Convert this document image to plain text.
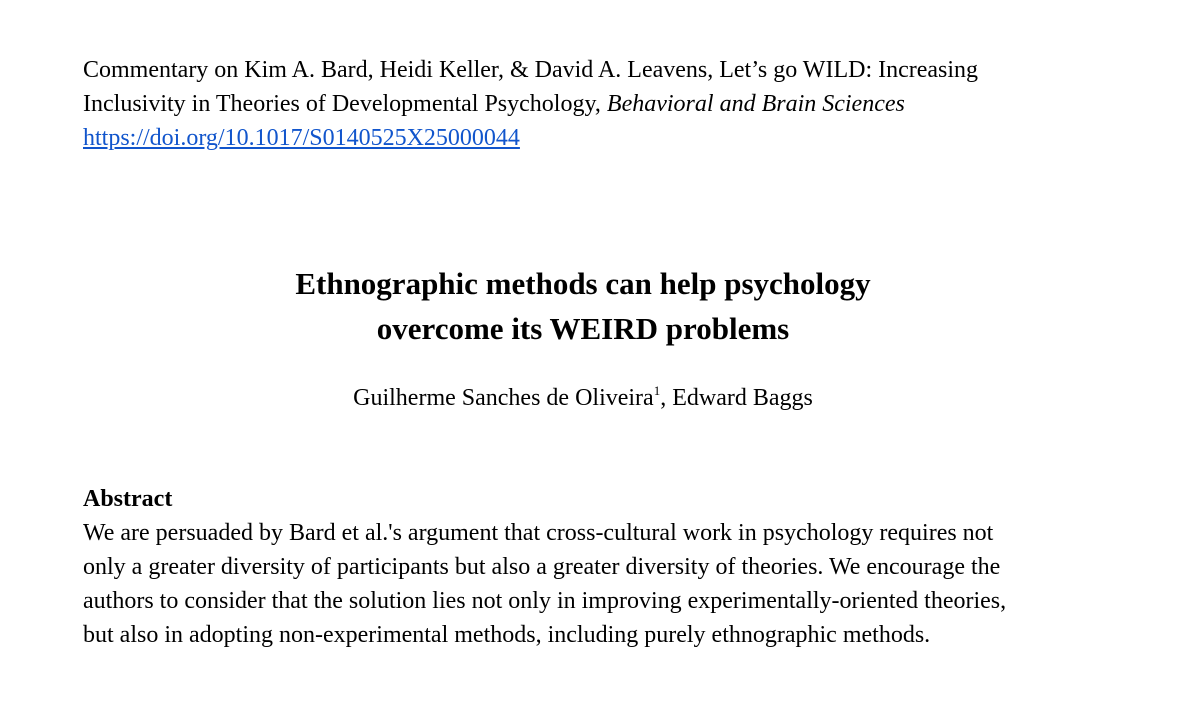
Commentary on Kim A. Bard, Heidi Keller, & David A. Leavens, Let’s go WILD: Increasing
Inclusivity in Theories of Developmental Psychology, Behavioral and Brain Sciences
https://doi.org/10.1017/S0140525X25000044

Ethnographic methods can help psychology
overcome its WEIRD problems

Guilherme Sanches de Oliveira$^1$, Edward Baggs

Abstract
We are persuaded by Bard et al.'s argument that cross-cultural work in psychology requires not
only a greater diversity of participants but also a greater diversity of theories. We encourage the
authors to consider that the solution lies not only in improving experimentally-oriented theories,
but also in adopting non-experimental methods, including purely ethnographic methods.
